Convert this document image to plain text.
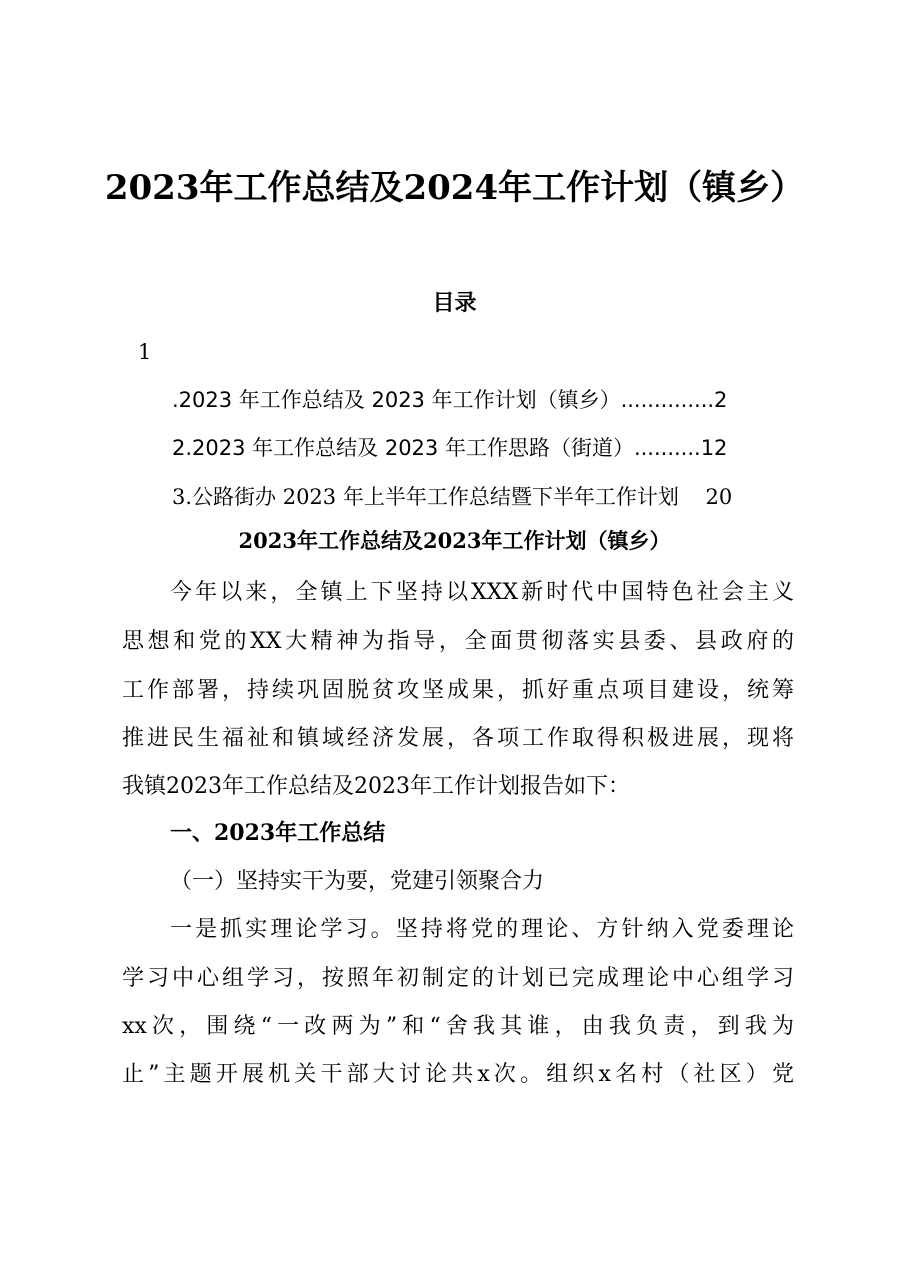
2023年工作总结及2024年工作计划（镇乡）
目录
1
.2023 年工作总结及 2023 年工作计划（镇乡）..............2
2.2023 年工作总结及 2023 年工作思路（街道）..........12
3.公路街办 2023 年上半年工作总结暨下半年工作计划    20
2023年工作总结及2023年工作计划（镇乡）
今年以来，全镇上下坚持以XXX新时代中国特色社会主义
思想和党的XX大精神为指导，全面贯彻落实县委、县政府的
工作部署，持续巩固脱贫攻坚成果，抓好重点项目建设，统筹
推进民生福祉和镇域经济发展，各项工作取得积极进展，现将
我镇2023年工作总结及2023年工作计划报告如下：
一、2023年工作总结
（一）坚持实干为要，党建引领聚合力
一是抓实理论学习。坚持将党的理论、方针纳入党委理论
学习中心组学习，按照年初制定的计划已完成理论中心组学习
xx次，围绕“一改两为”和“舍我其谁，由我负责，到我为
止”主题开展机关干部大讨论共x次。组织x名村（社区）党
